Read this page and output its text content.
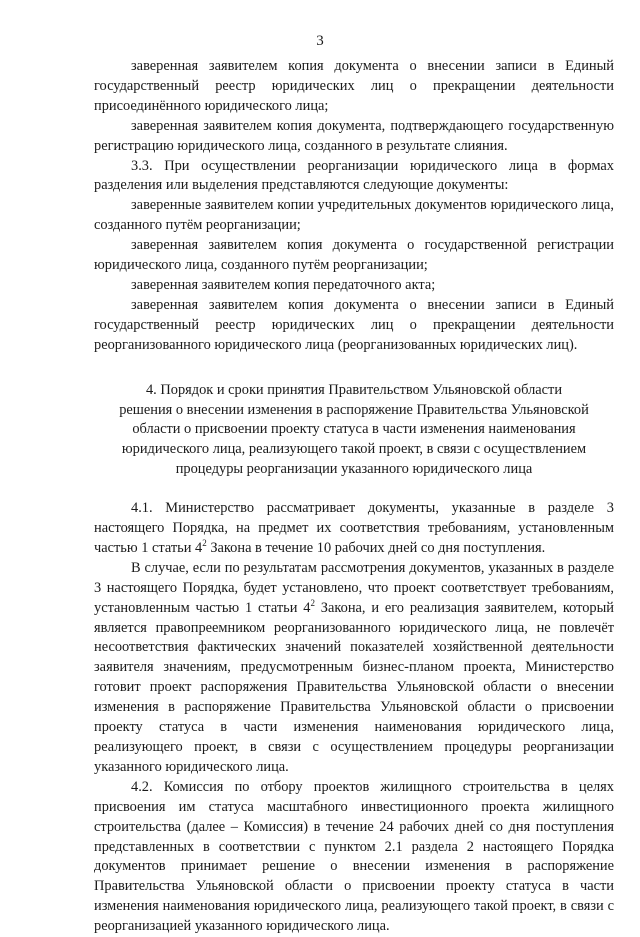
3

заверенная заявителем копия документа о внесении записи в Единый государственный реестр юридических лиц о прекращении деятельности присоединённого юридического лица;

заверенная заявителем копия документа, подтверждающего государственную регистрацию юридического лица, созданного в результате слияния.

3.3. При осуществлении реорганизации юридического лица в формах разделения или выделения представляются следующие документы:

заверенные заявителем копии учредительных документов юридического лица, созданного путём реорганизации;

заверенная заявителем копия документа о государственной регистрации юридического лица, созданного путём реорганизации;

заверенная заявителем копия передаточного акта;

заверенная заявителем копия документа о внесении записи в Единый государственный реестр юридических лиц о прекращении деятельности реорганизованного юридического лица (реорганизованных юридических лиц).

4. Порядок и сроки принятия Правительством Ульяновской области
решения о внесении изменения в распоряжение Правительства Ульяновской
области о присвоении проекту статуса в части изменения наименования
юридического лица, реализующего такой проект, в связи с осуществлением
процедуры реорганизации указанного юридического лица

4.1. Министерство рассматривает документы, указанные в разделе 3 настоящего Порядка, на предмет их соответствия требованиям, установленным частью 1 статьи $4^2$ Закона в течение 10 рабочих дней со дня поступления.

В случае, если по результатам рассмотрения документов, указанных в разделе 3 настоящего Порядка, будет установлено, что проект соответствует требованиям, установленным частью 1 статьи $4^2$ Закона, и его реализация заявителем, который является правопреемником реорганизованного юридического лица, не повлечёт несоответствия фактических значений показателей хозяйственной деятельности заявителя значениям, предусмотренным бизнес-планом проекта, Министерство готовит проект распоряжения Правительства Ульяновской области о внесении изменения в распоряжение Правительства Ульяновской области о присвоении проекту статуса в части изменения наименования юридического лица, реализующего проект, в связи с осуществлением процедуры реорганизации указанного юридического лица.

4.2. Комиссия по отбору проектов жилищного строительства в целях присвоения им статуса масштабного инвестиционного проекта жилищного строительства (далее – Комиссия) в течение 24 рабочих дней со дня поступления представленных в соответствии с пунктом 2.1 раздела 2 настоящего Порядка документов принимает решение о внесении изменения в распоряжение Правительства Ульяновской области о присвоении проекту статуса в части изменения наименования юридического лица, реализующего такой проект, в связи с реорганизацией указанного юридического лица.
